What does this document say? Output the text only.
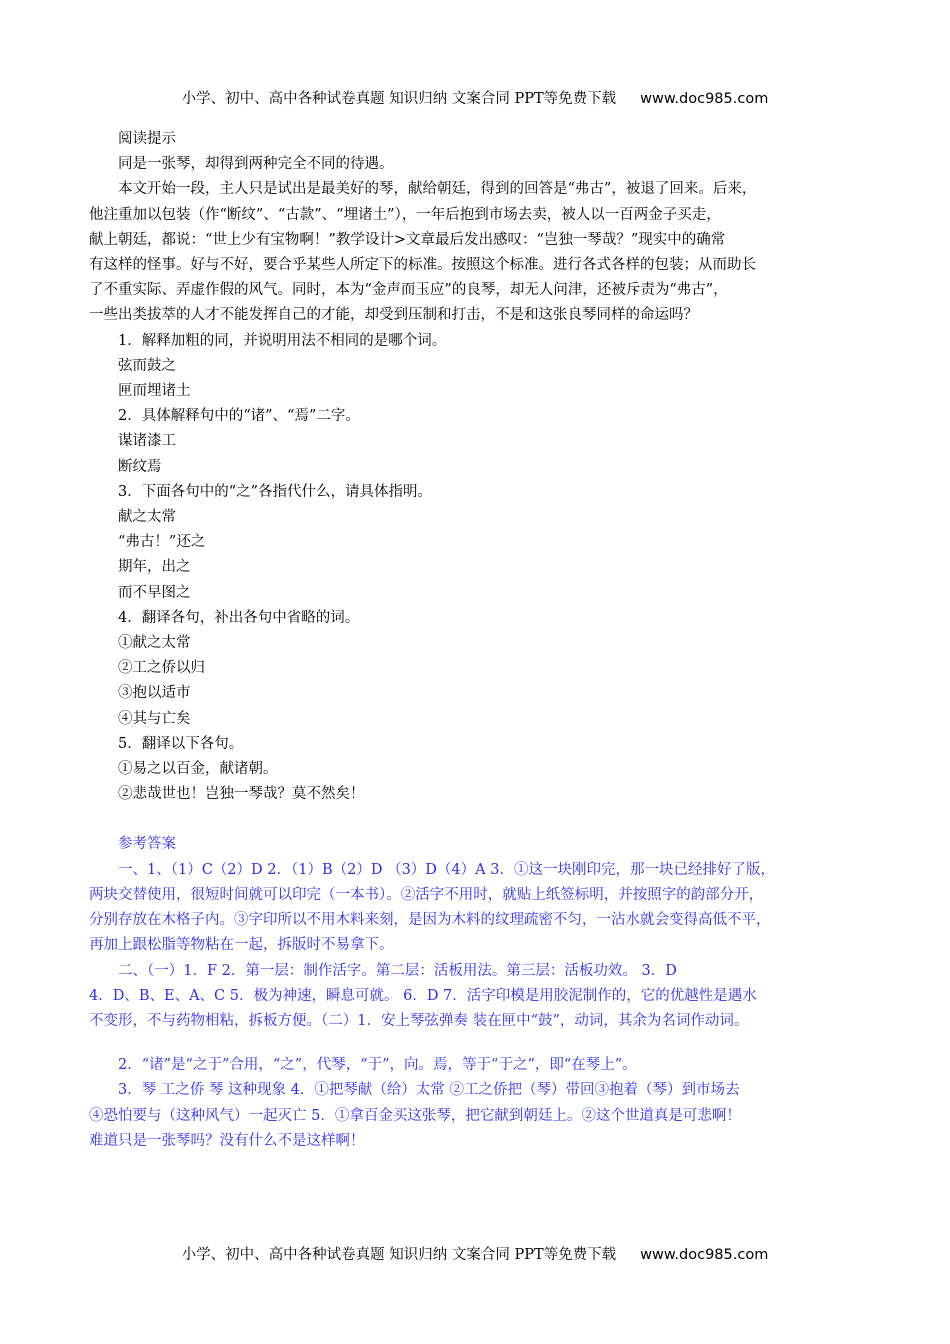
小学、初中、高中各种试卷真题 知识归纳 文案合同 PPT等免费下载 www.doc985.com

阅读提示

同是一张琴，却得到两种完全不同的待遇。

本文开始一段，主人只是试出是最美好的琴，献给朝廷，得到的回答是“弗古”，被退了回来。后来，

他注重加以包装（作“断纹”、“古款”、“埋诸土”），一年后抱到市场去卖，被人以一百两金子买走，

献上朝廷，都说：“世上少有宝物啊！”教学设计>文章最后发出感叹：“岂独一琴哉？”现实中的确常

有这样的怪事。好与不好，要合乎某些人所定下的标准。按照这个标准。进行各式各样的包装；从而助长

了不重实际、弄虚作假的风气。同时，本为“金声而玉应”的良琴，却无人问津，还被斥责为“弗古”，

一些出类拔萃的人才不能发挥自己的才能，却受到压制和打击，不是和这张良琴同样的命运吗？

1．解释加粗的同，并说明用法不相同的是哪个词。

弦而鼓之

匣而埋诸土

2．具体解释句中的“诸”、“焉”二字。

谋诸漆工

断纹焉

3．下面各句中的“之”各指代什么，请具体指明。

献之太常

“弗古！”还之

期年，出之

而不早图之

4．翻译各句，补出各句中省略的词。

①献之太常

②工之侨以归

③抱以适市

④其与亡矣

5．翻译以下各句。

①易之以百金，献诸朝。

②悲哉世也！岂独一琴哉？莫不然矣！

参考答案

一、1、（1）C（2）D 2．（1）B（2）D （3）D（4）A 3．①这一块刚印完，那一块已经排好了版，

两块交替使用，很短时间就可以印完（一本书）。②活字不用时，就贴上纸签标明，并按照字的韵部分开，

分别存放在木格子内。③字印所以不用木料来刻，是因为木料的纹理疏密不匀，一沾水就会变得高低不平，

再加上跟松脂等物粘在一起，拆版时不易拿下。

二、（一）1．F 2．第一层：制作活字。第二层：活板用法。第三层：活板功效。 3．D

4．D、B、E、A、C 5．极为神速，瞬息可就。 6．D 7．活字印模是用胶泥制作的，它的优越性是遇水

不变形，不与药物相粘，拆板方便。（二）1．安上琴弦弹奏 装在匣中“鼓”，动词，其余为名词作动词。

2．“诸”是“之于”合用，“之”，代琴，“于”，向。焉，等于“于之”，即“在琴上”。

3．琴 工之侨 琴 这种现象 4．①把琴献（给）太常 ②工之侨把（琴）带回③抱着（琴）到市场去

④恐怕要与（这种风气）一起灭亡 5．①拿百金买这张琴，把它献到朝廷上。②这个世道真是可悲啊！

难道只是一张琴吗？没有什么不是这样啊！

小学、初中、高中各种试卷真题 知识归纳 文案合同 PPT等免费下载 www.doc985.com
